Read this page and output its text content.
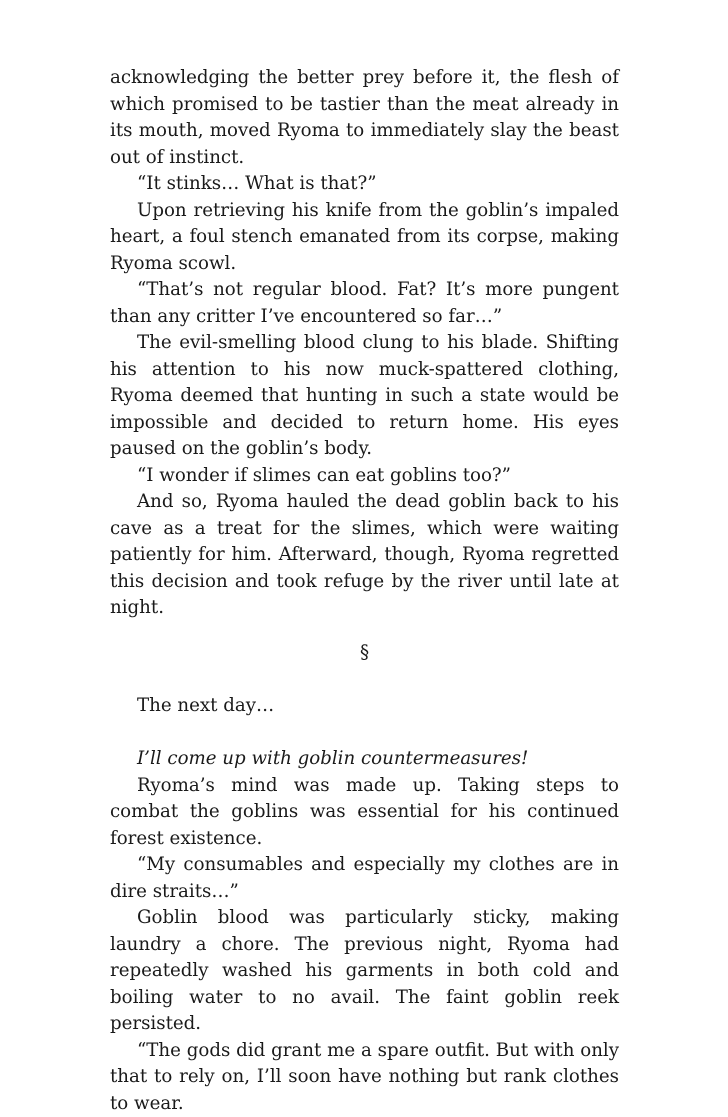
acknowledging the better prey before it, the flesh of which promised to be tastier than the meat already in its mouth, moved Ryoma to immediately slay the beast out of instinct.

“It stinks… What is that?”

Upon retrieving his knife from the goblin’s impaled heart, a foul stench emanated from its corpse, making Ryoma scowl.

“That’s not regular blood. Fat? It’s more pungent than any critter I’ve encountered so far…”

The evil-smelling blood clung to his blade. Shifting his attention to his now muck-spattered clothing, Ryoma deemed that hunting in such a state would be impossible and decided to return home. His eyes paused on the goblin’s body.

“I wonder if slimes can eat goblins too?”

And so, Ryoma hauled the dead goblin back to his cave as a treat for the slimes, which were waiting patiently for him. Afterward, though, Ryoma regretted this decision and took refuge by the river until late at night.

§

The next day…

I’ll come up with goblin countermeasures!

Ryoma’s mind was made up. Taking steps to combat the goblins was essential for his continued forest existence.

“My consumables and especially my clothes are in dire straits…”

Goblin blood was particularly sticky, making laundry a chore. The previous night, Ryoma had repeatedly washed his garments in both cold and boiling water to no avail. The faint goblin reek persisted.

“The gods did grant me a spare outfit. But with only that to rely on, I’ll soon have nothing but rank clothes to wear.
